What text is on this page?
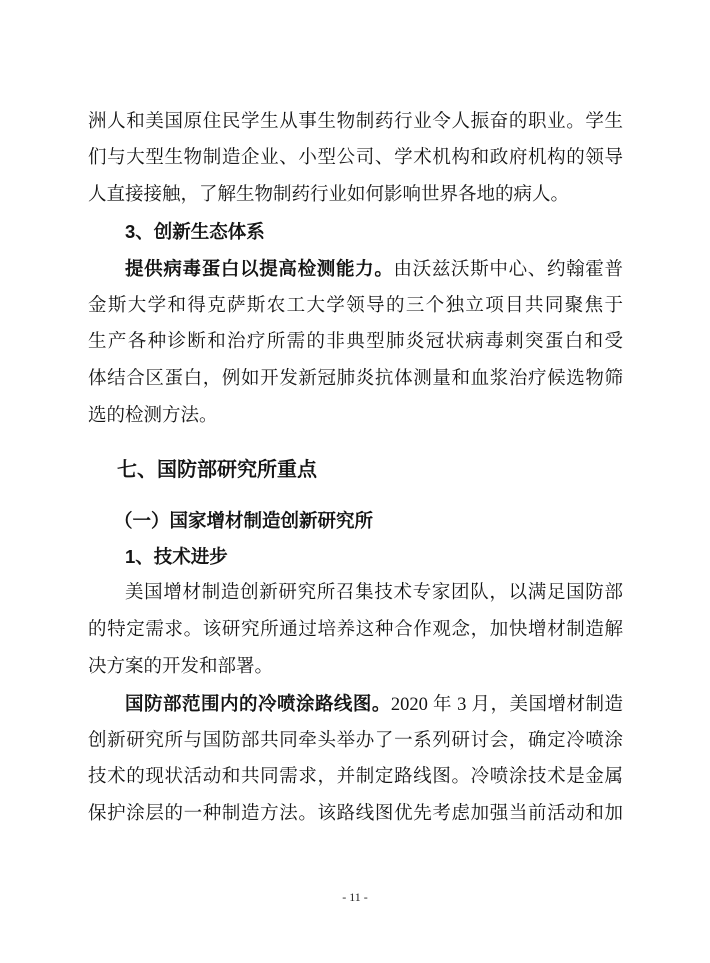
洲人和美国原住民学生从事生物制药行业令人振奋的职业。学生
们与大型生物制造企业、小型公司、学术机构和政府机构的领导
人直接接触，了解生物制药行业如何影响世界各地的病人。
3、创新生态体系
提供病毒蛋白以提高检测能力。由沃兹沃斯中心、约翰霍普
金斯大学和得克萨斯农工大学领导的三个独立项目共同聚焦于
生产各种诊断和治疗所需的非典型肺炎冠状病毒刺突蛋白和受
体结合区蛋白，例如开发新冠肺炎抗体测量和血浆治疗候选物筛
选的检测方法。
七、国防部研究所重点
（一）国家增材制造创新研究所
1、技术进步
美国增材制造创新研究所召集技术专家团队，以满足国防部
的特定需求。该研究所通过培养这种合作观念，加快增材制造解
决方案的开发和部署。
国防部范围内的冷喷涂路线图。2020 年 3 月，美国增材制造
创新研究所与国防部共同牵头举办了一系列研讨会，确定冷喷涂
技术的现状活动和共同需求，并制定路线图。冷喷涂技术是金属
保护涂层的一种制造方法。该路线图优先考虑加强当前活动和加
- 11 -
